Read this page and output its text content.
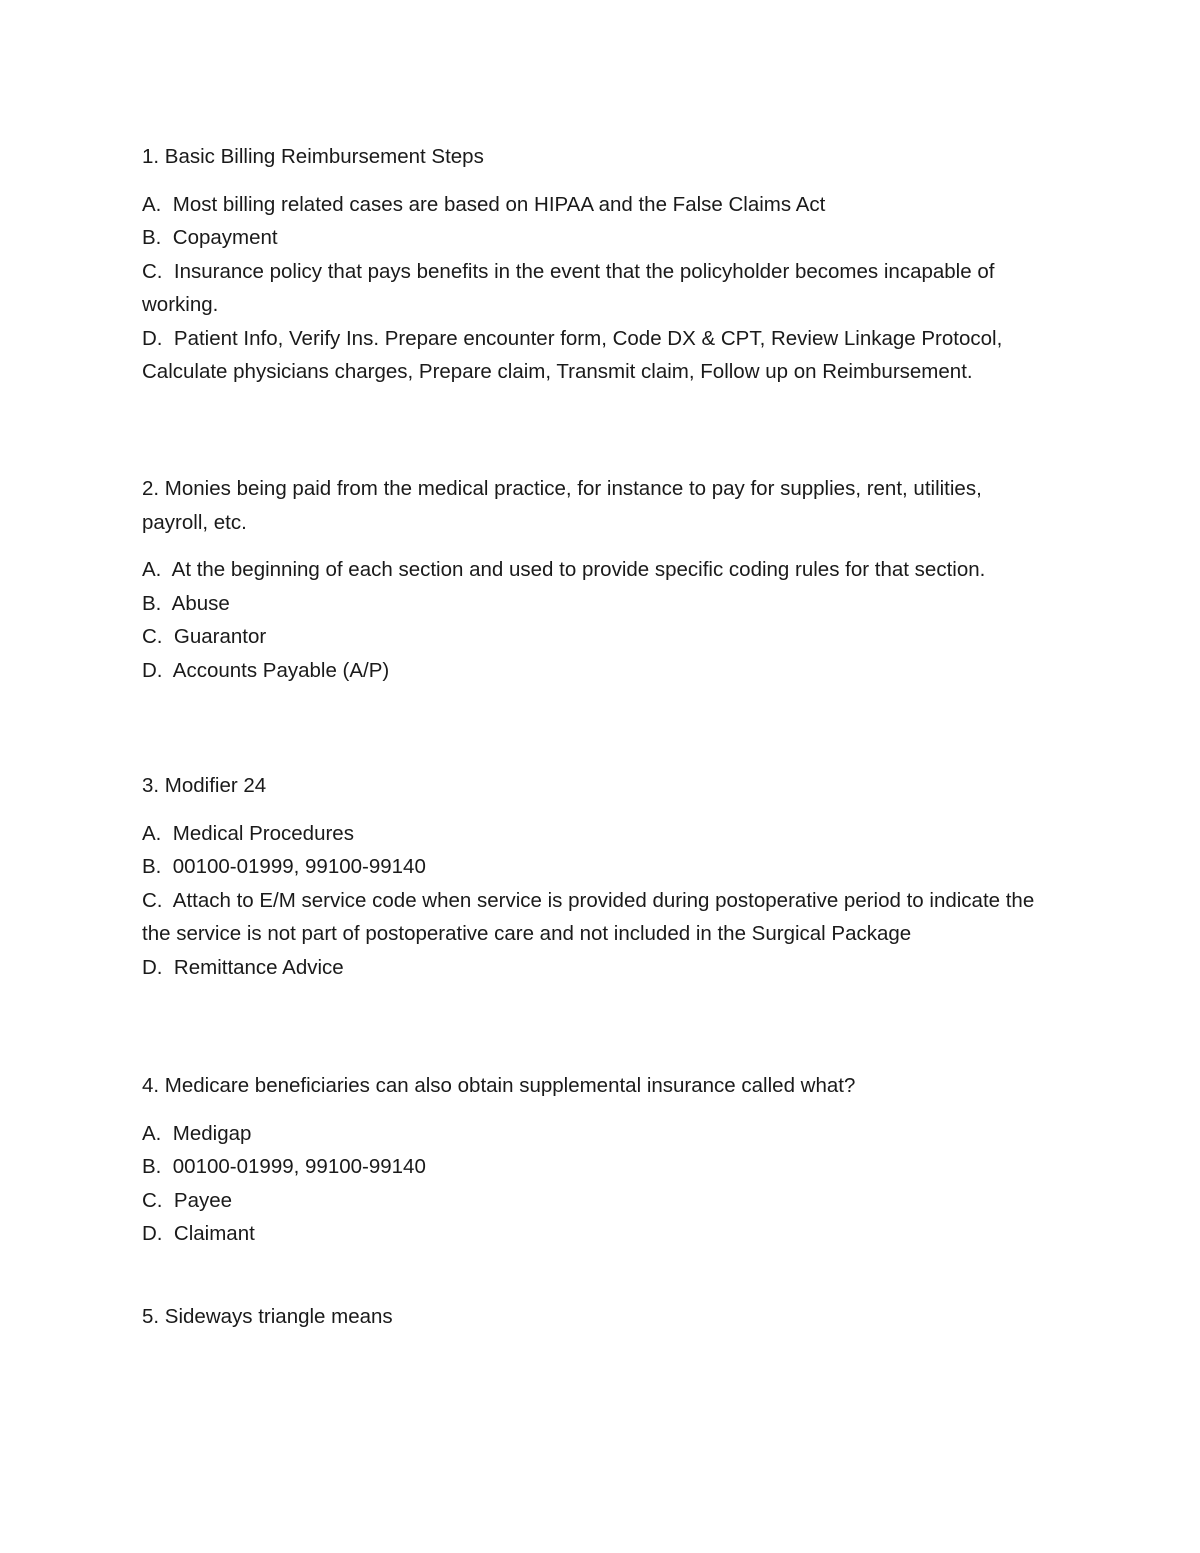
1. Basic Billing Reimbursement Steps

A. Most billing related cases are based on HIPAA and the False Claims Act
B. Copayment
C. Insurance policy that pays benefits in the event that the policyholder becomes incapable of working.
D. Patient Info, Verify Ins. Prepare encounter form, Code DX & CPT, Review Linkage Protocol, Calculate physicians charges, Prepare claim, Transmit claim, Follow up on Reimbursement.

2. Monies being paid from the medical practice, for instance to pay for supplies, rent, utilities, payroll, etc.

A. At the beginning of each section and used to provide specific coding rules for that section.
B. Abuse
C. Guarantor
D. Accounts Payable (A/P)

3. Modifier 24

A. Medical Procedures
B. 00100-01999, 99100-99140
C. Attach to E/M service code when service is provided during postoperative period to indicate the the service is not part of postoperative care and not included in the Surgical Package
D. Remittance Advice

4. Medicare beneficiaries can also obtain supplemental insurance called what?

A. Medigap
B. 00100-01999, 99100-99140
C. Payee
D. Claimant

5. Sideways triangle means
